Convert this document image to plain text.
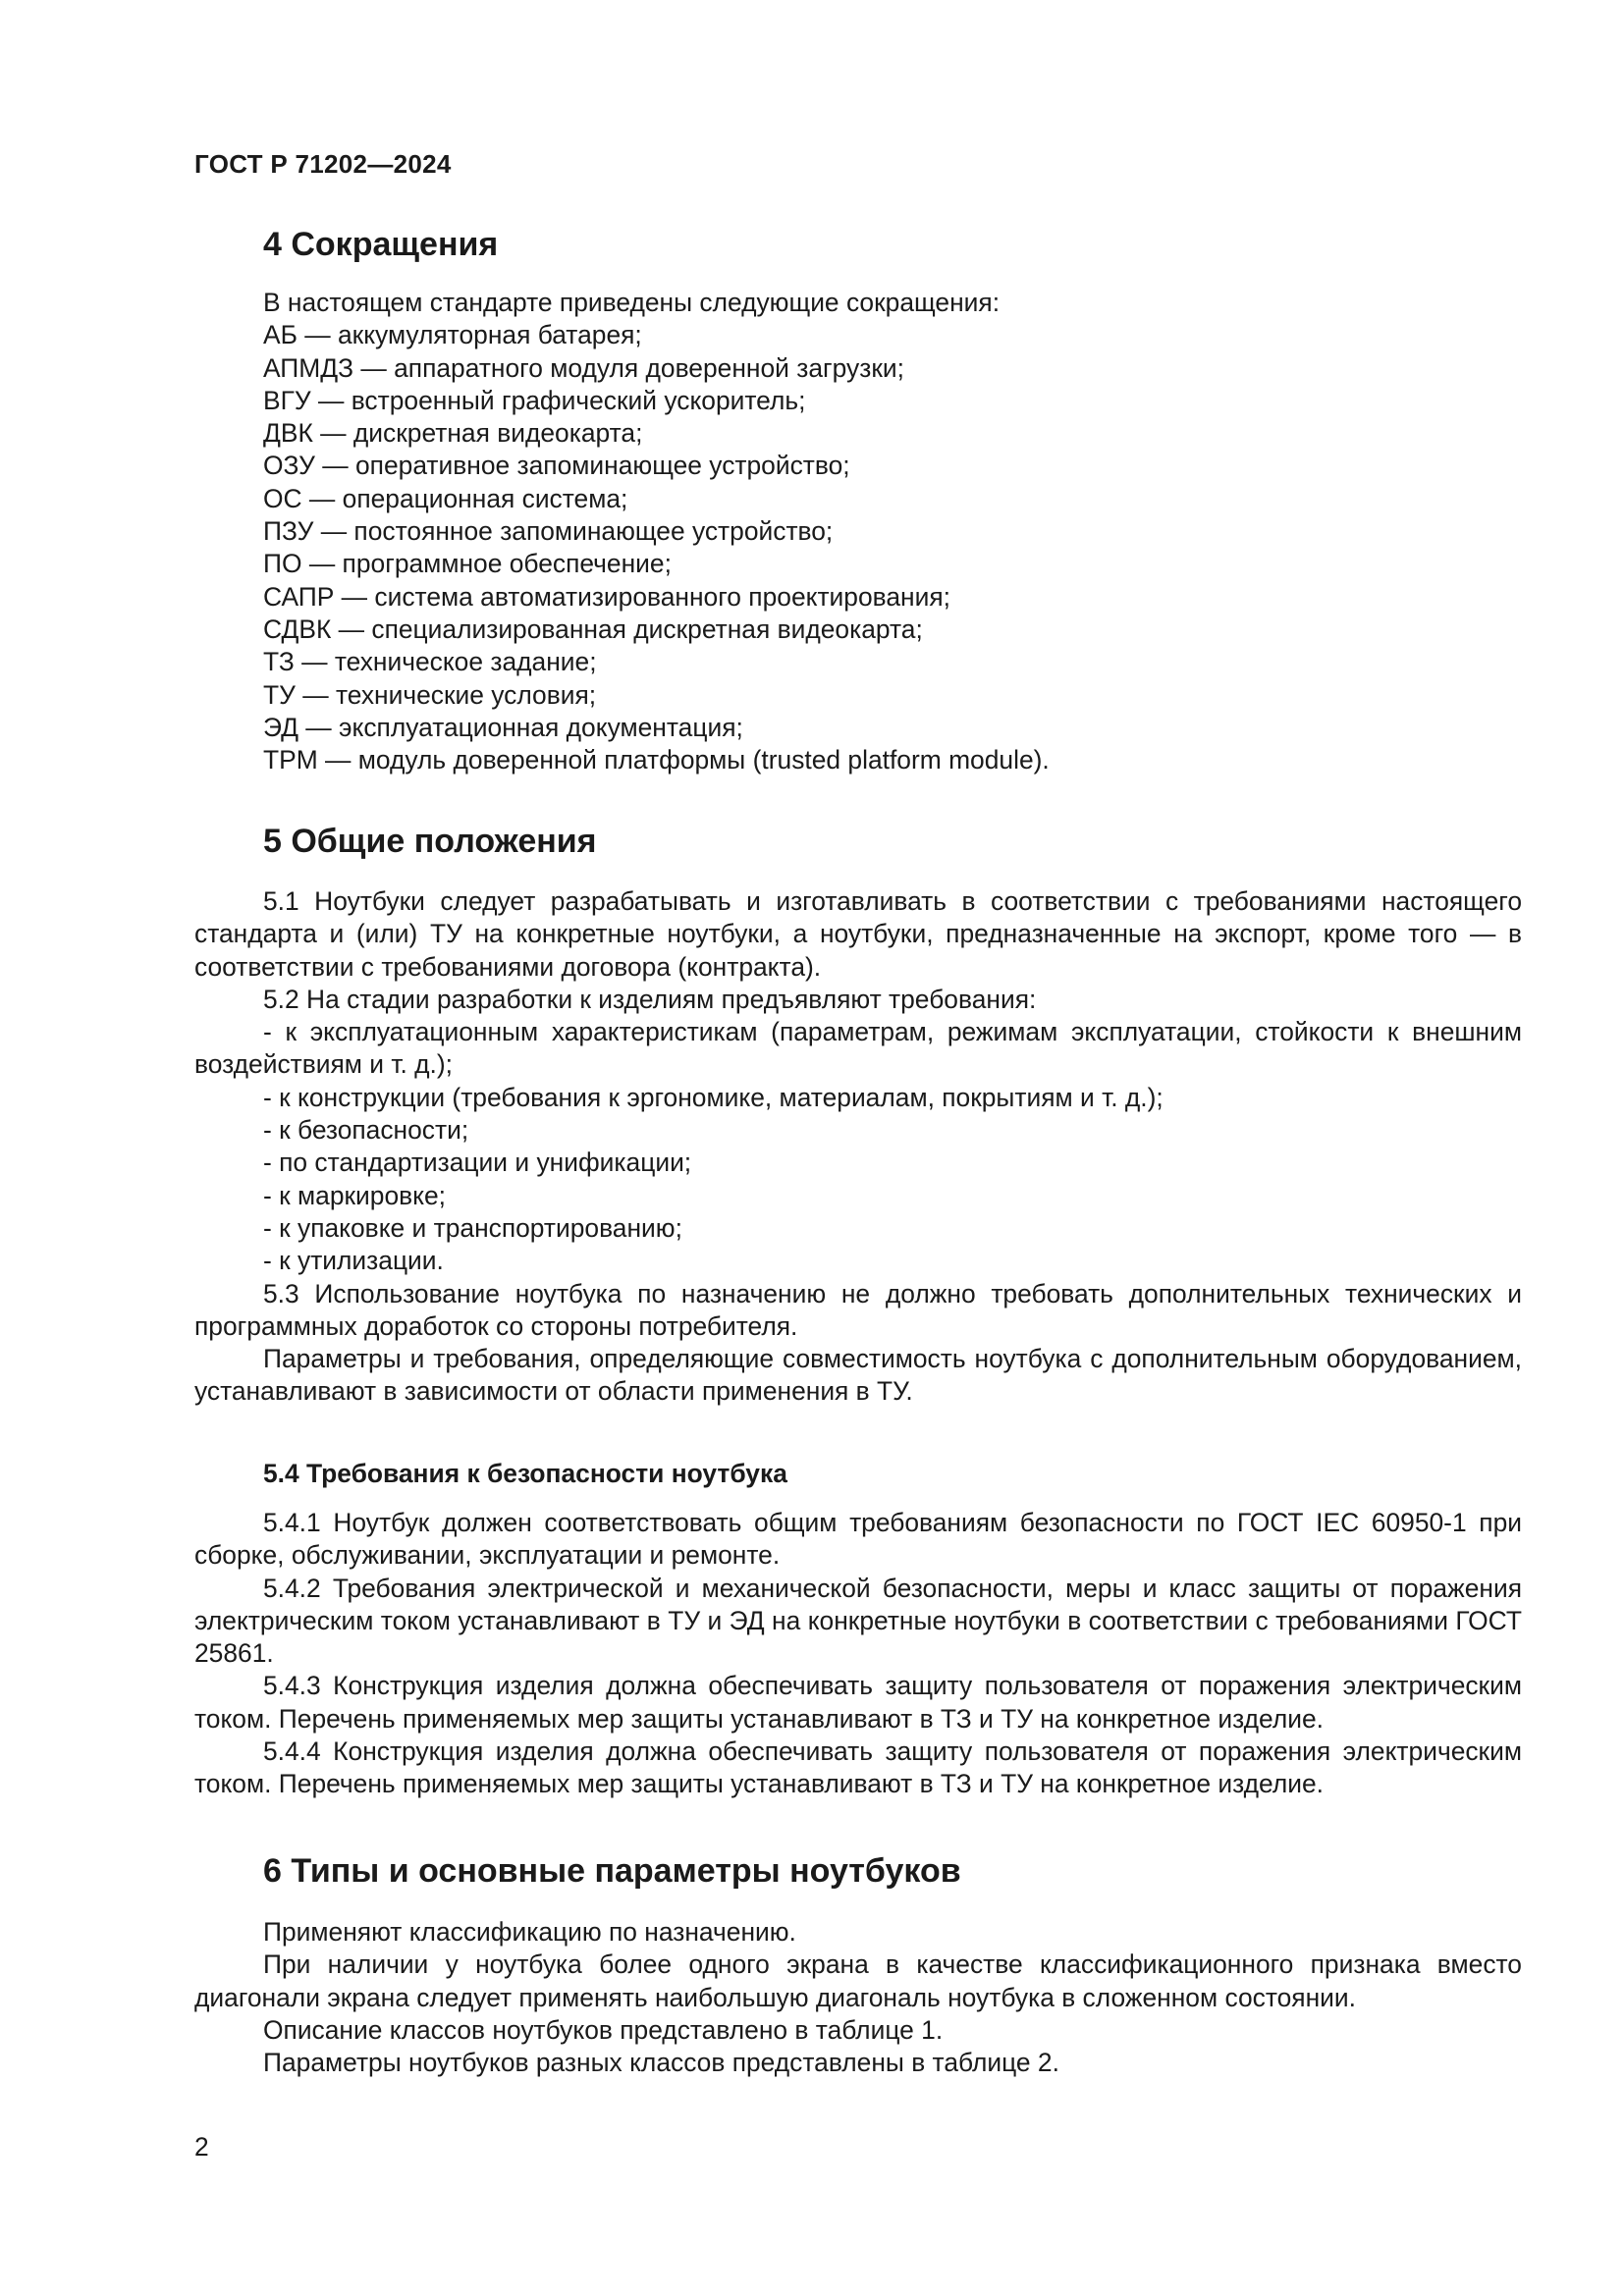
ГОСТ Р 71202—2024
4 Сокращения
В настоящем стандарте приведены следующие сокращения:
АБ — аккумуляторная батарея;
АПМДЗ — аппаратного модуля доверенной загрузки;
ВГУ — встроенный графический ускоритель;
ДВК — дискретная видеокарта;
ОЗУ — оперативное запоминающее устройство;
ОС — операционная система;
ПЗУ — постоянное запоминающее устройство;
ПО — программное обеспечение;
САПР — система автоматизированного проектирования;
СДВК — специализированная дискретная видеокарта;
ТЗ — техническое задание;
ТУ — технические условия;
ЭД — эксплуатационная документация;
TPM — модуль доверенной платформы (trusted platform module).
5 Общие положения
5.1 Ноутбуки следует разрабатывать и изготавливать в соответствии с требованиями настоящего стандарта и (или) ТУ на конкретные ноутбуки, а ноутбуки, предназначенные на экспорт, кроме того — в соответствии с требованиями договора (контракта).
5.2 На стадии разработки к изделиям предъявляют требования:
- к эксплуатационным характеристикам (параметрам, режимам эксплуатации, стойкости к внешним воздействиям и т. д.);
- к конструкции (требования к эргономике, материалам, покрытиям и т. д.);
- к безопасности;
- по стандартизации и унификации;
- к маркировке;
- к упаковке и транспортированию;
- к утилизации.
5.3 Использование ноутбука по назначению не должно требовать дополнительных технических и программных доработок со стороны потребителя.
Параметры и требования, определяющие совместимость ноутбука с дополнительным оборудованием, устанавливают в зависимости от области применения в ТУ.
5.4 Требования к безопасности ноутбука
5.4.1 Ноутбук должен соответствовать общим требованиям безопасности по ГОСТ IEC 60950-1 при сборке, обслуживании, эксплуатации и ремонте.
5.4.2 Требования электрической и механической безопасности, меры и класс защиты от поражения электрическим током устанавливают в ТУ и ЭД на конкретные ноутбуки в соответствии с требованиями ГОСТ 25861.
5.4.3 Конструкция изделия должна обеспечивать защиту пользователя от поражения электрическим током. Перечень применяемых мер защиты устанавливают в ТЗ и ТУ на конкретное изделие.
5.4.4 Конструкция изделия должна обеспечивать защиту пользователя от поражения электрическим током. Перечень применяемых мер защиты устанавливают в ТЗ и ТУ на конкретное изделие.
6 Типы и основные параметры ноутбуков
Применяют классификацию по назначению.
При наличии у ноутбука более одного экрана в качестве классификационного признака вместо диагонали экрана следует применять наибольшую диагональ ноутбука в сложенном состоянии.
Описание классов ноутбуков представлено в таблице 1.
Параметры ноутбуков разных классов представлены в таблице 2.
2
